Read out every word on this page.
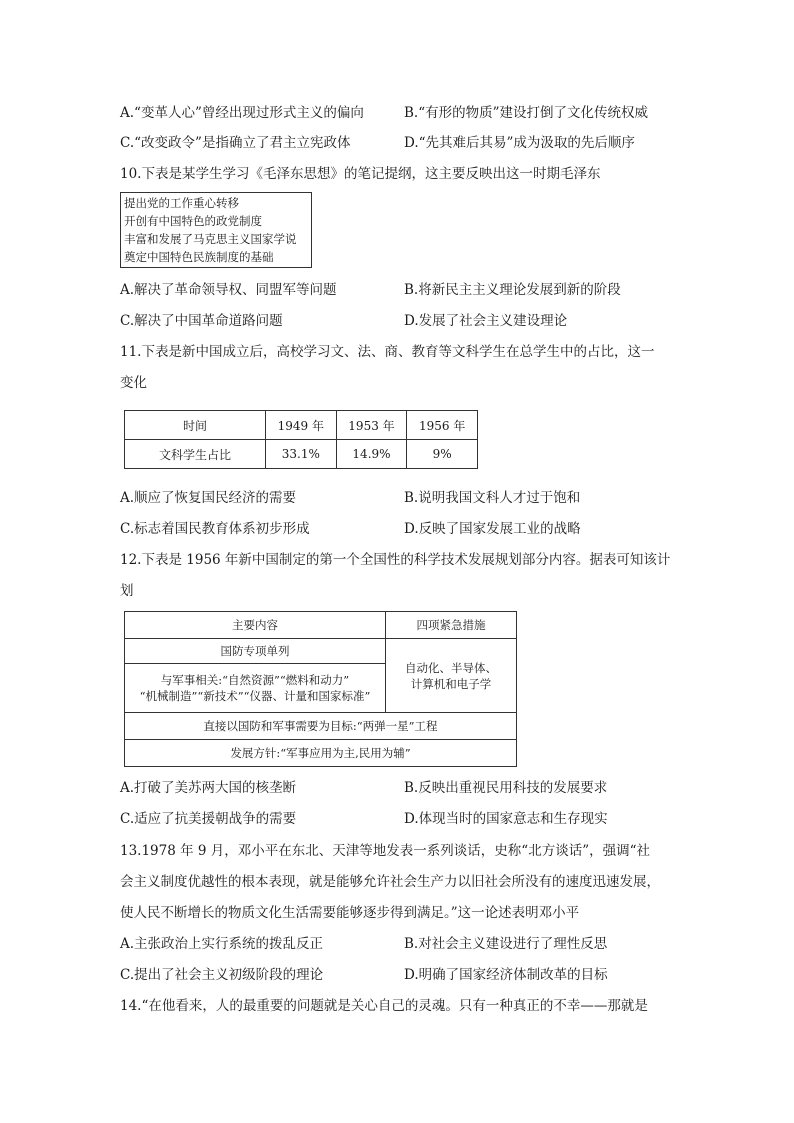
A.“变革人心”曾经出现过形式主义的偏向	B.“有形的物质”建设打倒了文化传统权威
C.“改变政令”是指确立了君主立宪政体	D.“先其难后其易”成为汲取的先后顺序
10.下表是某学生学习《毛泽东思想》的笔记提纲，这主要反映出这一时期毛泽东
提出党的工作重心转移
开创有中国特色的政党制度
丰富和发展了马克思主义国家学说
奠定中国特色民族制度的基础
A.解决了革命领导权、同盟军等问题	B.将新民主主义理论发展到新的阶段
C.解决了中国革命道路问题	D.发展了社会主义建设理论
11.下表是新中国成立后，高校学习文、法、商、教育等文科学生在总学生中的占比，这一
变化
时间	1949 年	1953 年	1956 年
文科学生占比	33.1%	14.9%	9%
A.顺应了恢复国民经济的需要	B.说明我国文科人才过于饱和
C.标志着国民教育体系初步形成	D.反映了国家发展工业的战略
12.下表是 1956 年新中国制定的第一个全国性的科学技术发展规划部分内容。据表可知该计
划
主要内容	四项紧急措施
国防专项单列	自动化、半导体、
计算机和电子学

与军事相关:“自然资源”“燃料和动力”
“机械制造”“新技术”“仪器、计量和国家标准”	

直接以国防和军事需要为目标:“两弹一星”工程	
发展方针:“军事应用为主,民用为辅”	
A.打破了美苏两大国的核垄断	B.反映出重视民用科技的发展要求
C.适应了抗美援朝战争的需要	D.体现当时的国家意志和生存现实
13.1978 年 9 月，邓小平在东北、天津等地发表一系列谈话，史称“北方谈话”，强调“社
会主义制度优越性的根本表现，就是能够允许社会生产力以旧社会所没有的速度迅速发展，
使人民不断增长的物质文化生活需要能够逐步得到满足。”这一论述表明邓小平
A.主张政治上实行系统的拨乱反正	B.对社会主义建设进行了理性反思
C.提出了社会主义初级阶段的理论	D.明确了国家经济体制改革的目标
14.“在他看来，人的最重要的问题就是关心自己的灵魂。只有一种真正的不幸——那就是
